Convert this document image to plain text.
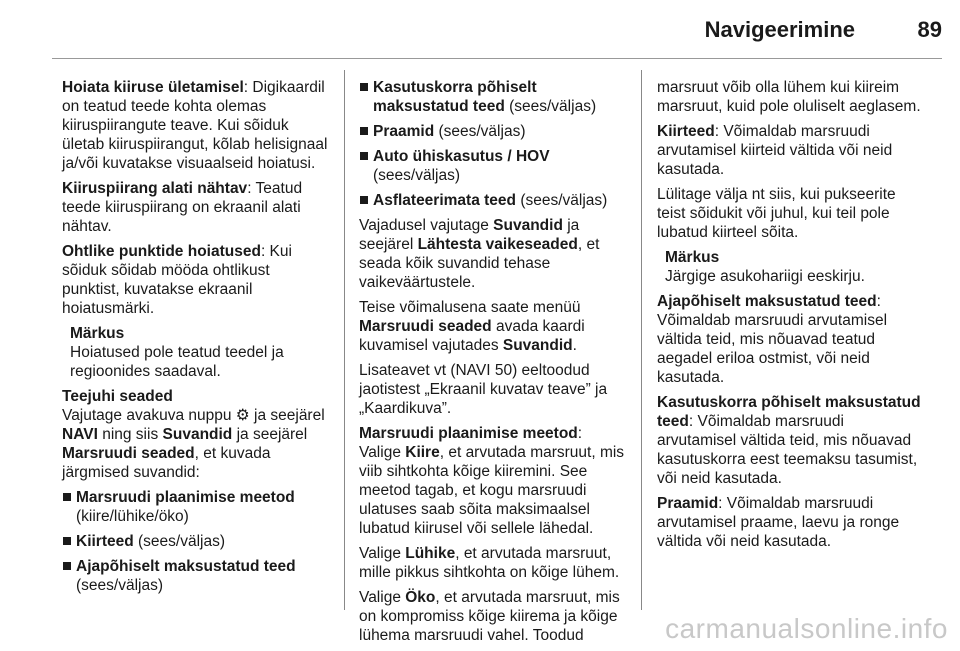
Navigeerimine	89

Hoiata kiiruse ületamisel: Digikaardil on teatud teede kohta olemas kiiruspiirangute teave. Kui sõiduk ületab kiiruspiirangut, kõlab helisignaal ja/või kuvatakse visuaalseid hoiatusi.

Kiiruspiirang alati nähtav: Teatud teede kiiruspiirang on ekraanil alati nähtav.

Ohtlike punktide hoiatused: Kui sõiduk sõidab mööda ohtlikust punktist, kuvatakse ekraanil hoiatusmärki.

Märkus
Hoiatused pole teatud teedel ja regioonides saadaval.
Teejuhi seaded

Vajutage avakuva nuppu ⚙ ja seejärel NAVI ning siis Suvandid ja seejärel Marsruudi seaded, et kuvada järgmised suvandid:

Marsruudi plaanimise meetod
(kiire/lühike/öko)
Kiirteed (sees/väljas)
Ajapõhiselt maksustatud teed
(sees/väljas)
Kasutuskorra põhiselt maksustatud teed (sees/väljas)
Praamid (sees/väljas)
Auto ühiskasutus / HOV (sees/väljas)
Asflateerimata teed (sees/väljas)

Vajadusel vajutage Suvandid ja seejärel Lähtesta vaikeseaded, et seada kõik suvandid tehase vaikeväärtustele.

Teise võimalusena saate menüü Marsruudi seaded avada kaardi kuvamisel vajutades Suvandid.

Lisateavet vt (NAVI 50) eeltoodud jaotistest „Ekraanil kuvatav teave” ja „Kaardikuva”.

Marsruudi plaanimise meetod: Valige Kiire, et arvutada marsruut, mis viib sihtkohta kõige kiiremini. See meetod tagab, et kogu marsruudi ulatuses saab sõita maksimaalsel lubatud kiirusel või sellele lähedal.

Valige Lühike, et arvutada marsruut, mille pikkus sihtkohta on kõige lühem.

Valige Öko, et arvutada marsruut, mis on kompromiss kõige kiirema ja kõige lühema marsruudi vahel. Toodud

marsruut võib olla lühem kui kiireim marsruut, kuid pole oluliselt aeglasem.

Kiirteed: Võimaldab marsruudi arvutamisel kiirteid vältida või neid kasutada.

Lülitage välja nt siis, kui pukseerite teist sõidukit või juhul, kui teil pole lubatud kiirteel sõita.

Märkus
Järgige asukohariigi eeskirju.

Ajapõhiselt maksustatud teed: Võimaldab marsruudi arvutamisel vältida teid, mis nõuavad teatud aegadel eriloa ostmist, või neid kasutada.

Kasutuskorra põhiselt maksustatud teed: Võimaldab marsruudi arvutamisel vältida teid, mis nõuavad kasutuskorra eest teemaksu tasumist, või neid kasutada.

Praamid: Võimaldab marsruudi arvutamisel praame, laevu ja ronge vältida või neid kasutada.

carmanualsonline.info
